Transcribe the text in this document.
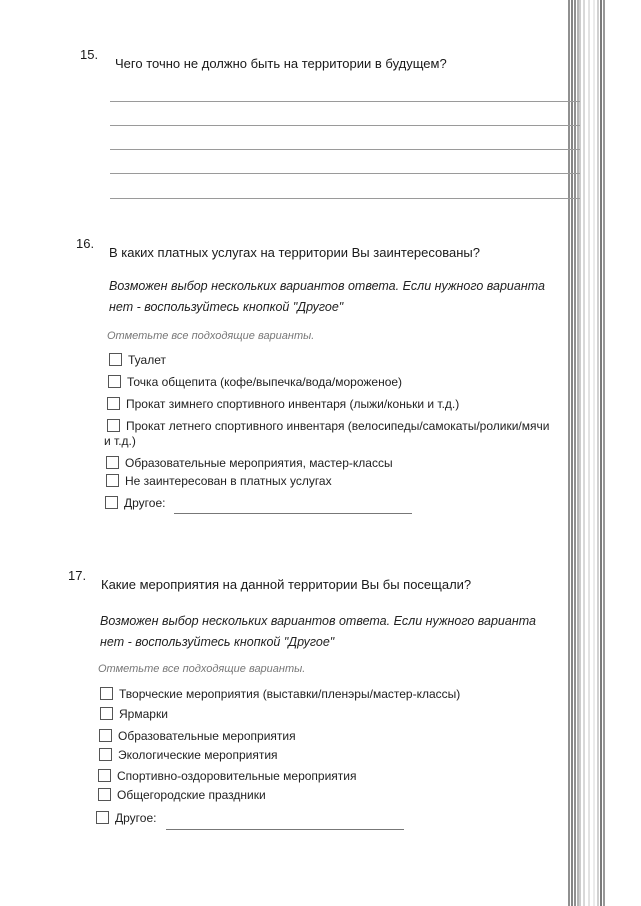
15.
Чего точно не должно быть на территории в будущем?
16.
В каких платных услугах на территории Вы заинтересованы?
Возможен выбор нескольких вариантов ответа. Если нужного варианта
нет - воспользуйтесь кнопкой "Другое"
Отметьте все подходящие варианты.
Туалет
Точка общепита (кофе/выпечка/вода/мороженое)
Прокат зимнего спортивного инвентаря (лыжи/коньки и т.д.)
Прокат летнего спортивного инвентаря (велосипеды/самокаты/ролики/мячи
и т.д.)
Образовательные мероприятия, мастер-классы
Не заинтересован в платных услугах
Другое:
17.
Какие мероприятия на данной территории Вы бы посещали?
Возможен выбор нескольких вариантов ответа. Если нужного варианта
нет - воспользуйтесь кнопкой "Другое"
Отметьте все подходящие варианты.
Творческие мероприятия (выставки/пленэры/мастер-классы)
Ярмарки
Образовательные мероприятия
Экологические мероприятия
Спортивно-оздоровительные мероприятия
Общегородские праздники
Другое:
